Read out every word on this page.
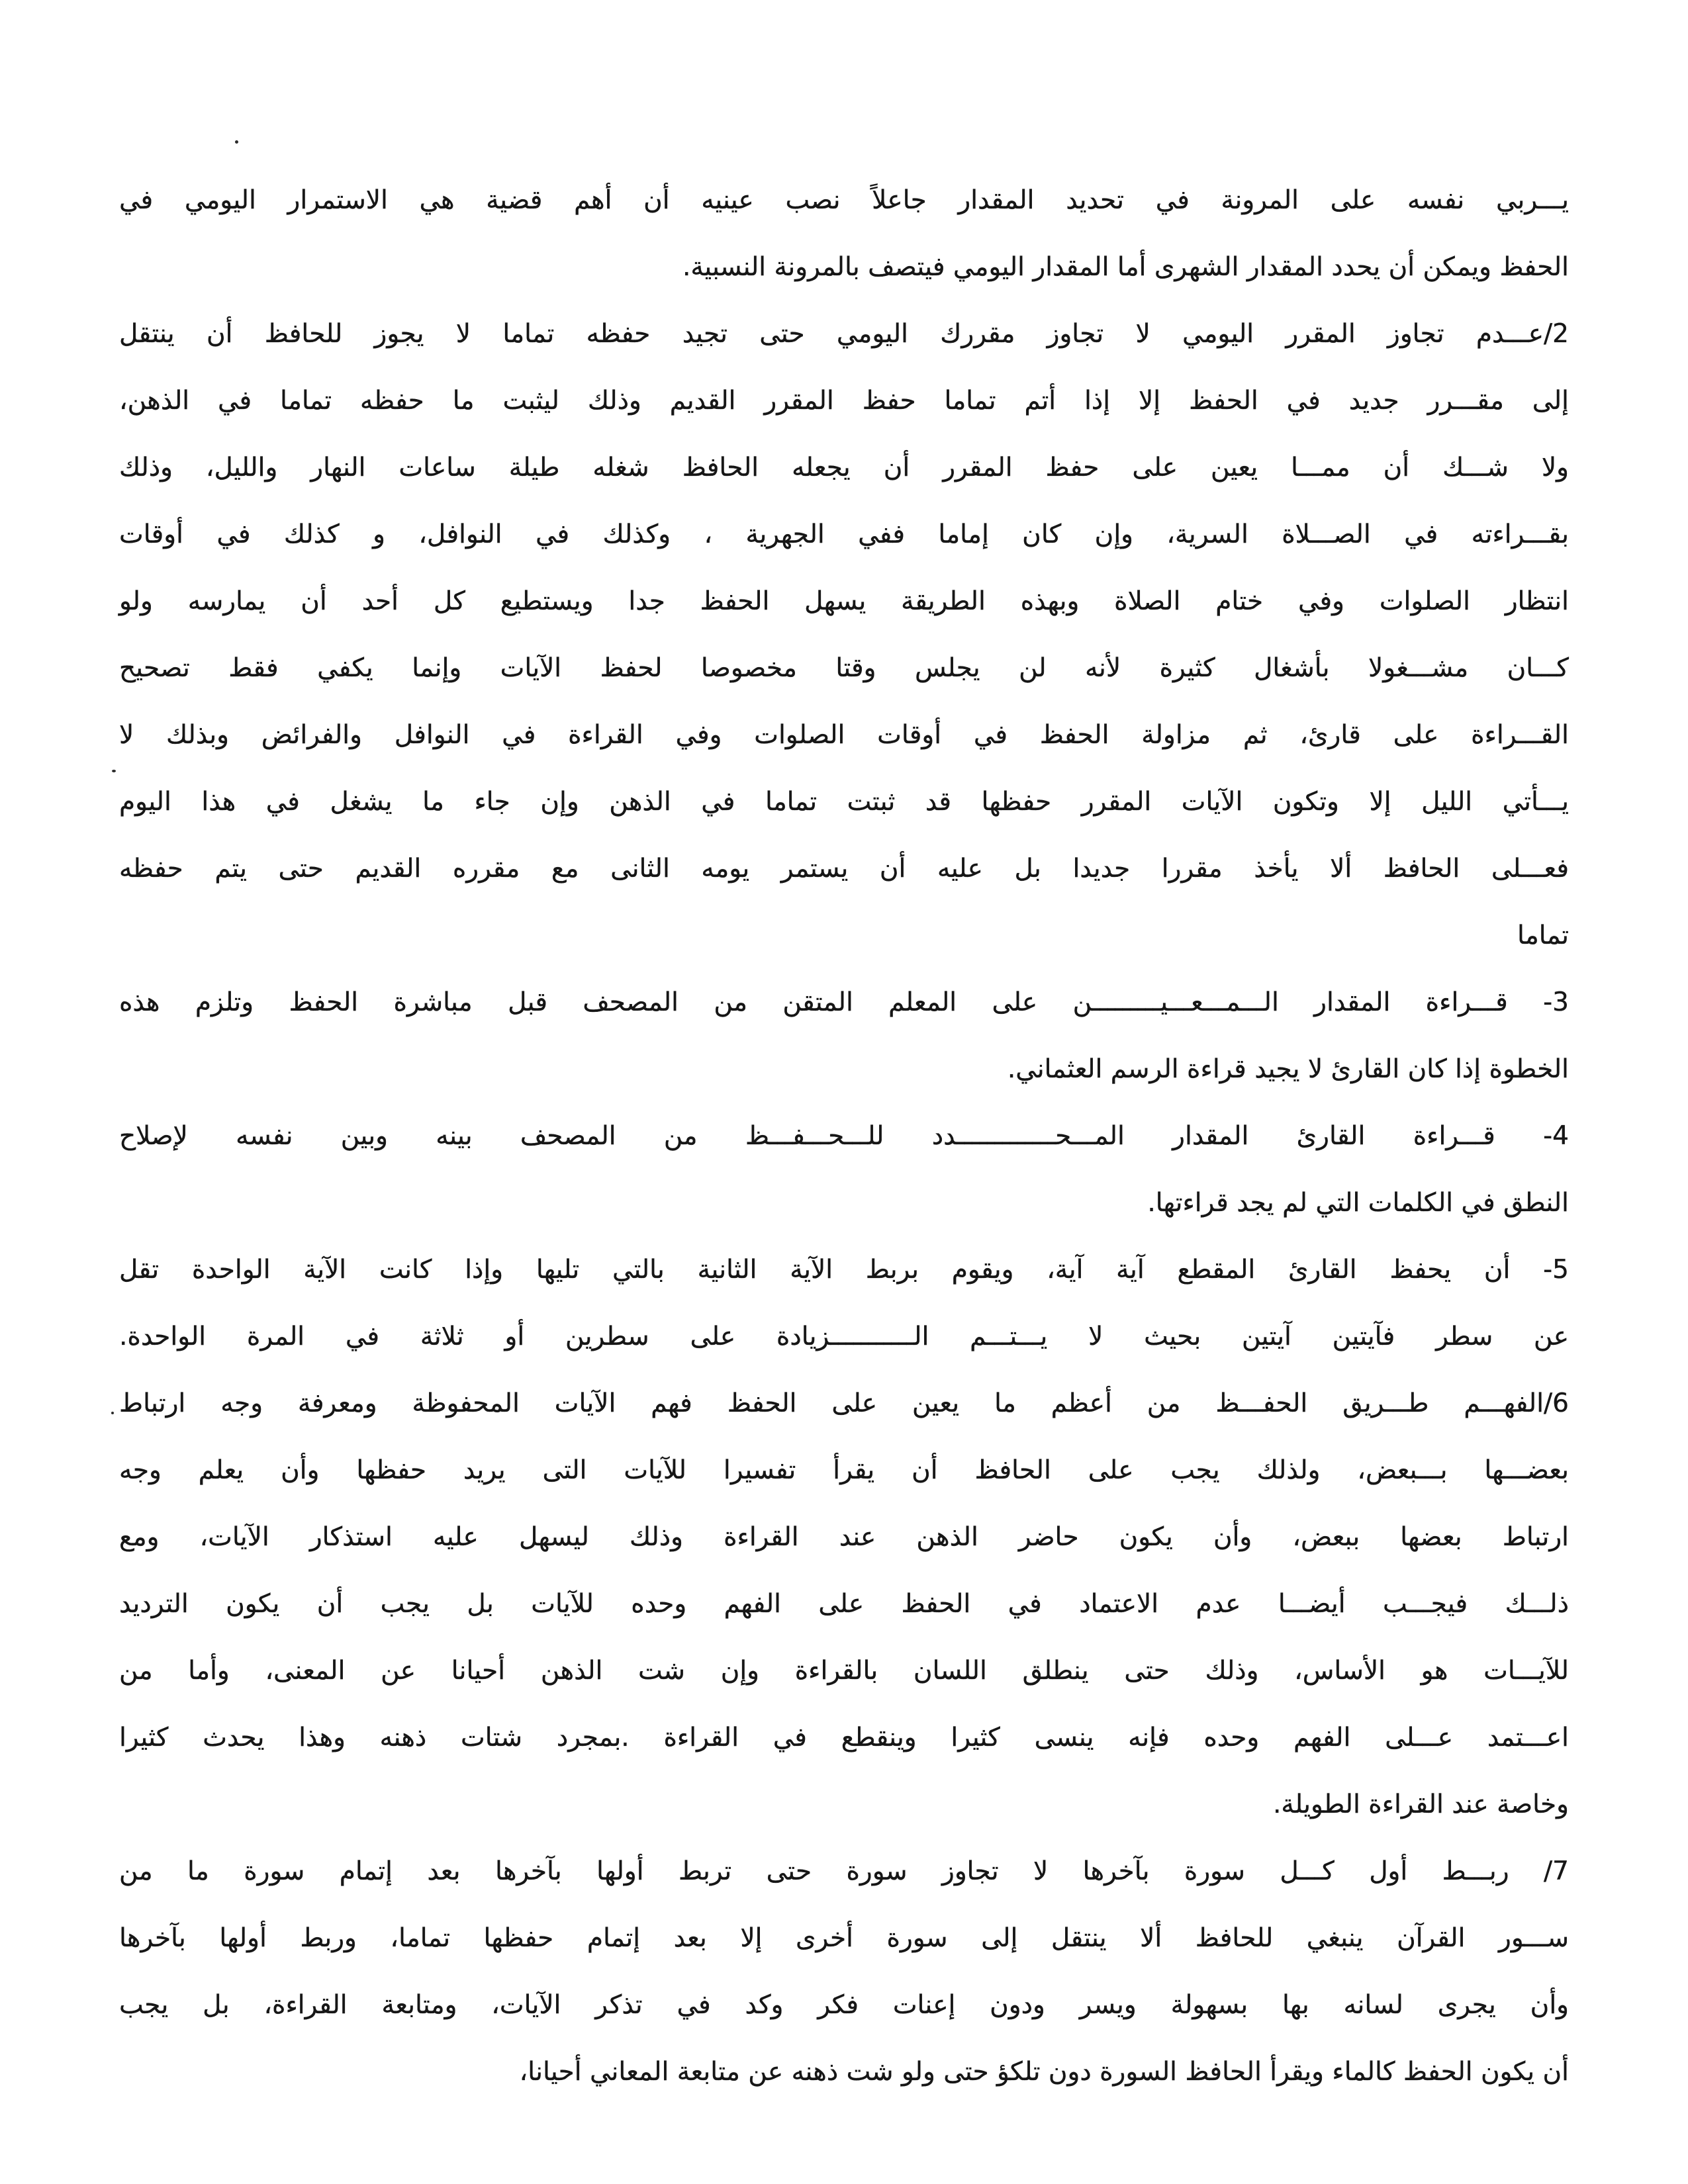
يـــربي نفسه على المرونة في تحديد المقدار جاعلاً نصب عينيه أن أهم قضية هي الاستمرار اليومي في
الحفظ ويمكن أن يحدد المقدار الشهرى أما المقدار اليومي فيتصف بالمرونة النسبية.
2/عـــدم تجاوز المقرر اليومي لا تجاوز مقررك اليومي حتى تجيد حفظه تماما لا يجوز للحافظ أن ينتقل
إلى مقـــرر جديد في الحفظ إلا إذا أتم تماما حفظ المقرر القديم وذلك ليثبت ما حفظه تماما في الذهن،
ولا شـــك أن ممـــا يعين على حفظ المقرر أن يجعله الحافظ شغله طيلة ساعات النهار والليل، وذلك
بقـــراءته في الصـــلاة السرية، وإن كان إماما ففي الجهرية ، وكذلك في النوافل، و كذلك في أوقات
انتظار الصلوات وفي ختام الصلاة وبهذه الطريقة يسهل الحفظ جدا ويستطيع كل أحد أن يمارسه ولو
كـــان مشـــغولا بأشغال كثيرة لأنه لن يجلس وقتا مخصوصا لحفظ الآيات وإنما يكفي فقط تصحيح
القـــراءة على قارئ، ثم مزاولة الحفظ في أوقات الصلوات وفي القراءة في النوافل والفرائض وبذلك لا
يـــأتي الليل إلا وتكون الآيات المقرر حفظها قد ثبتت تماما في الذهن وإن جاء ما يشغل في هذا اليوم
فعـــلى الحافظ ألا يأخذ مقررا جديدا بل عليه أن يستمر يومه الثانى مع مقرره القديم حتى يتم حفظه
تماما
3- قـــراءة المقدار الـــمـــعـــيـــــــــن على المعلم المتقن من المصحف قبل مباشرة الحفظ وتلزم هذه
الخطوة إذا كان القارئ لا يجيد قراءة الرسم العثماني.
4- قـــراءة القارئ المقدار المـــحـــــــــــــدد للـــحـــفـــظ من المصحف بينه وبين نفسه لإصلاح
النطق في الكلمات التي لم يجد قراءتها.
5- أن يحفظ القارئ المقطع آية آية، ويقوم بربط الآية الثانية بالتي تليها وإذا كانت الآية الواحدة تقل
عن سطر فآيتين آيتين بحيث لا يـــتـــم الـــــــــــزيادة على سطرين أو ثلاثة في المرة الواحدة.
6/الفهـــم طـــريق الحفـــظ من أعظم ما يعين على الحفظ فهم الآيات المحفوظة ومعرفة وجه ارتباط
بعضـــها بـــبعض، ولذلك يجب على الحافظ أن يقرأ تفسيرا للآيات التى يريد حفظها وأن يعلم وجه
ارتباط بعضها ببعض، وأن يكون حاضر الذهن عند القراءة وذلك ليسهل عليه استذكار الآيات، ومع
ذلـــك فيجـــب أيضـــا عدم الاعتماد في الحفظ على الفهم وحده للآيات بل يجب أن يكون الترديد
للآيـــات هو الأساس، وذلك حتى ينطلق اللسان بالقراءة وإن شت الذهن أحيانا عن المعنى، وأما من
اعـــتمد عـــلى الفهم وحده فإنه ينسى كثيرا وينقطع في القراءة .بمجرد شتات ذهنه وهذا يحدث كثيرا
وخاصة عند القراءة الطويلة.
7/ ربـــط أول كـــل سورة بآخرها لا تجاوز سورة حتى تربط أولها بآخرها بعد إتمام سورة ما من
ســـور القرآن ينبغي للحافظ ألا ينتقل إلى سورة أخرى إلا بعد إتمام حفظها تماما، وربط أولها بآخرها
وأن يجرى لسانه بها بسهولة ويسر ودون إعنات فكر وكد في تذكر الآيات، ومتابعة القراءة، بل يجب
أن يكون الحفظ كالماء ويقرأ الحافظ السورة دون تلكؤ حتى ولو شت ذهنه عن متابعة المعاني أحيانا،
